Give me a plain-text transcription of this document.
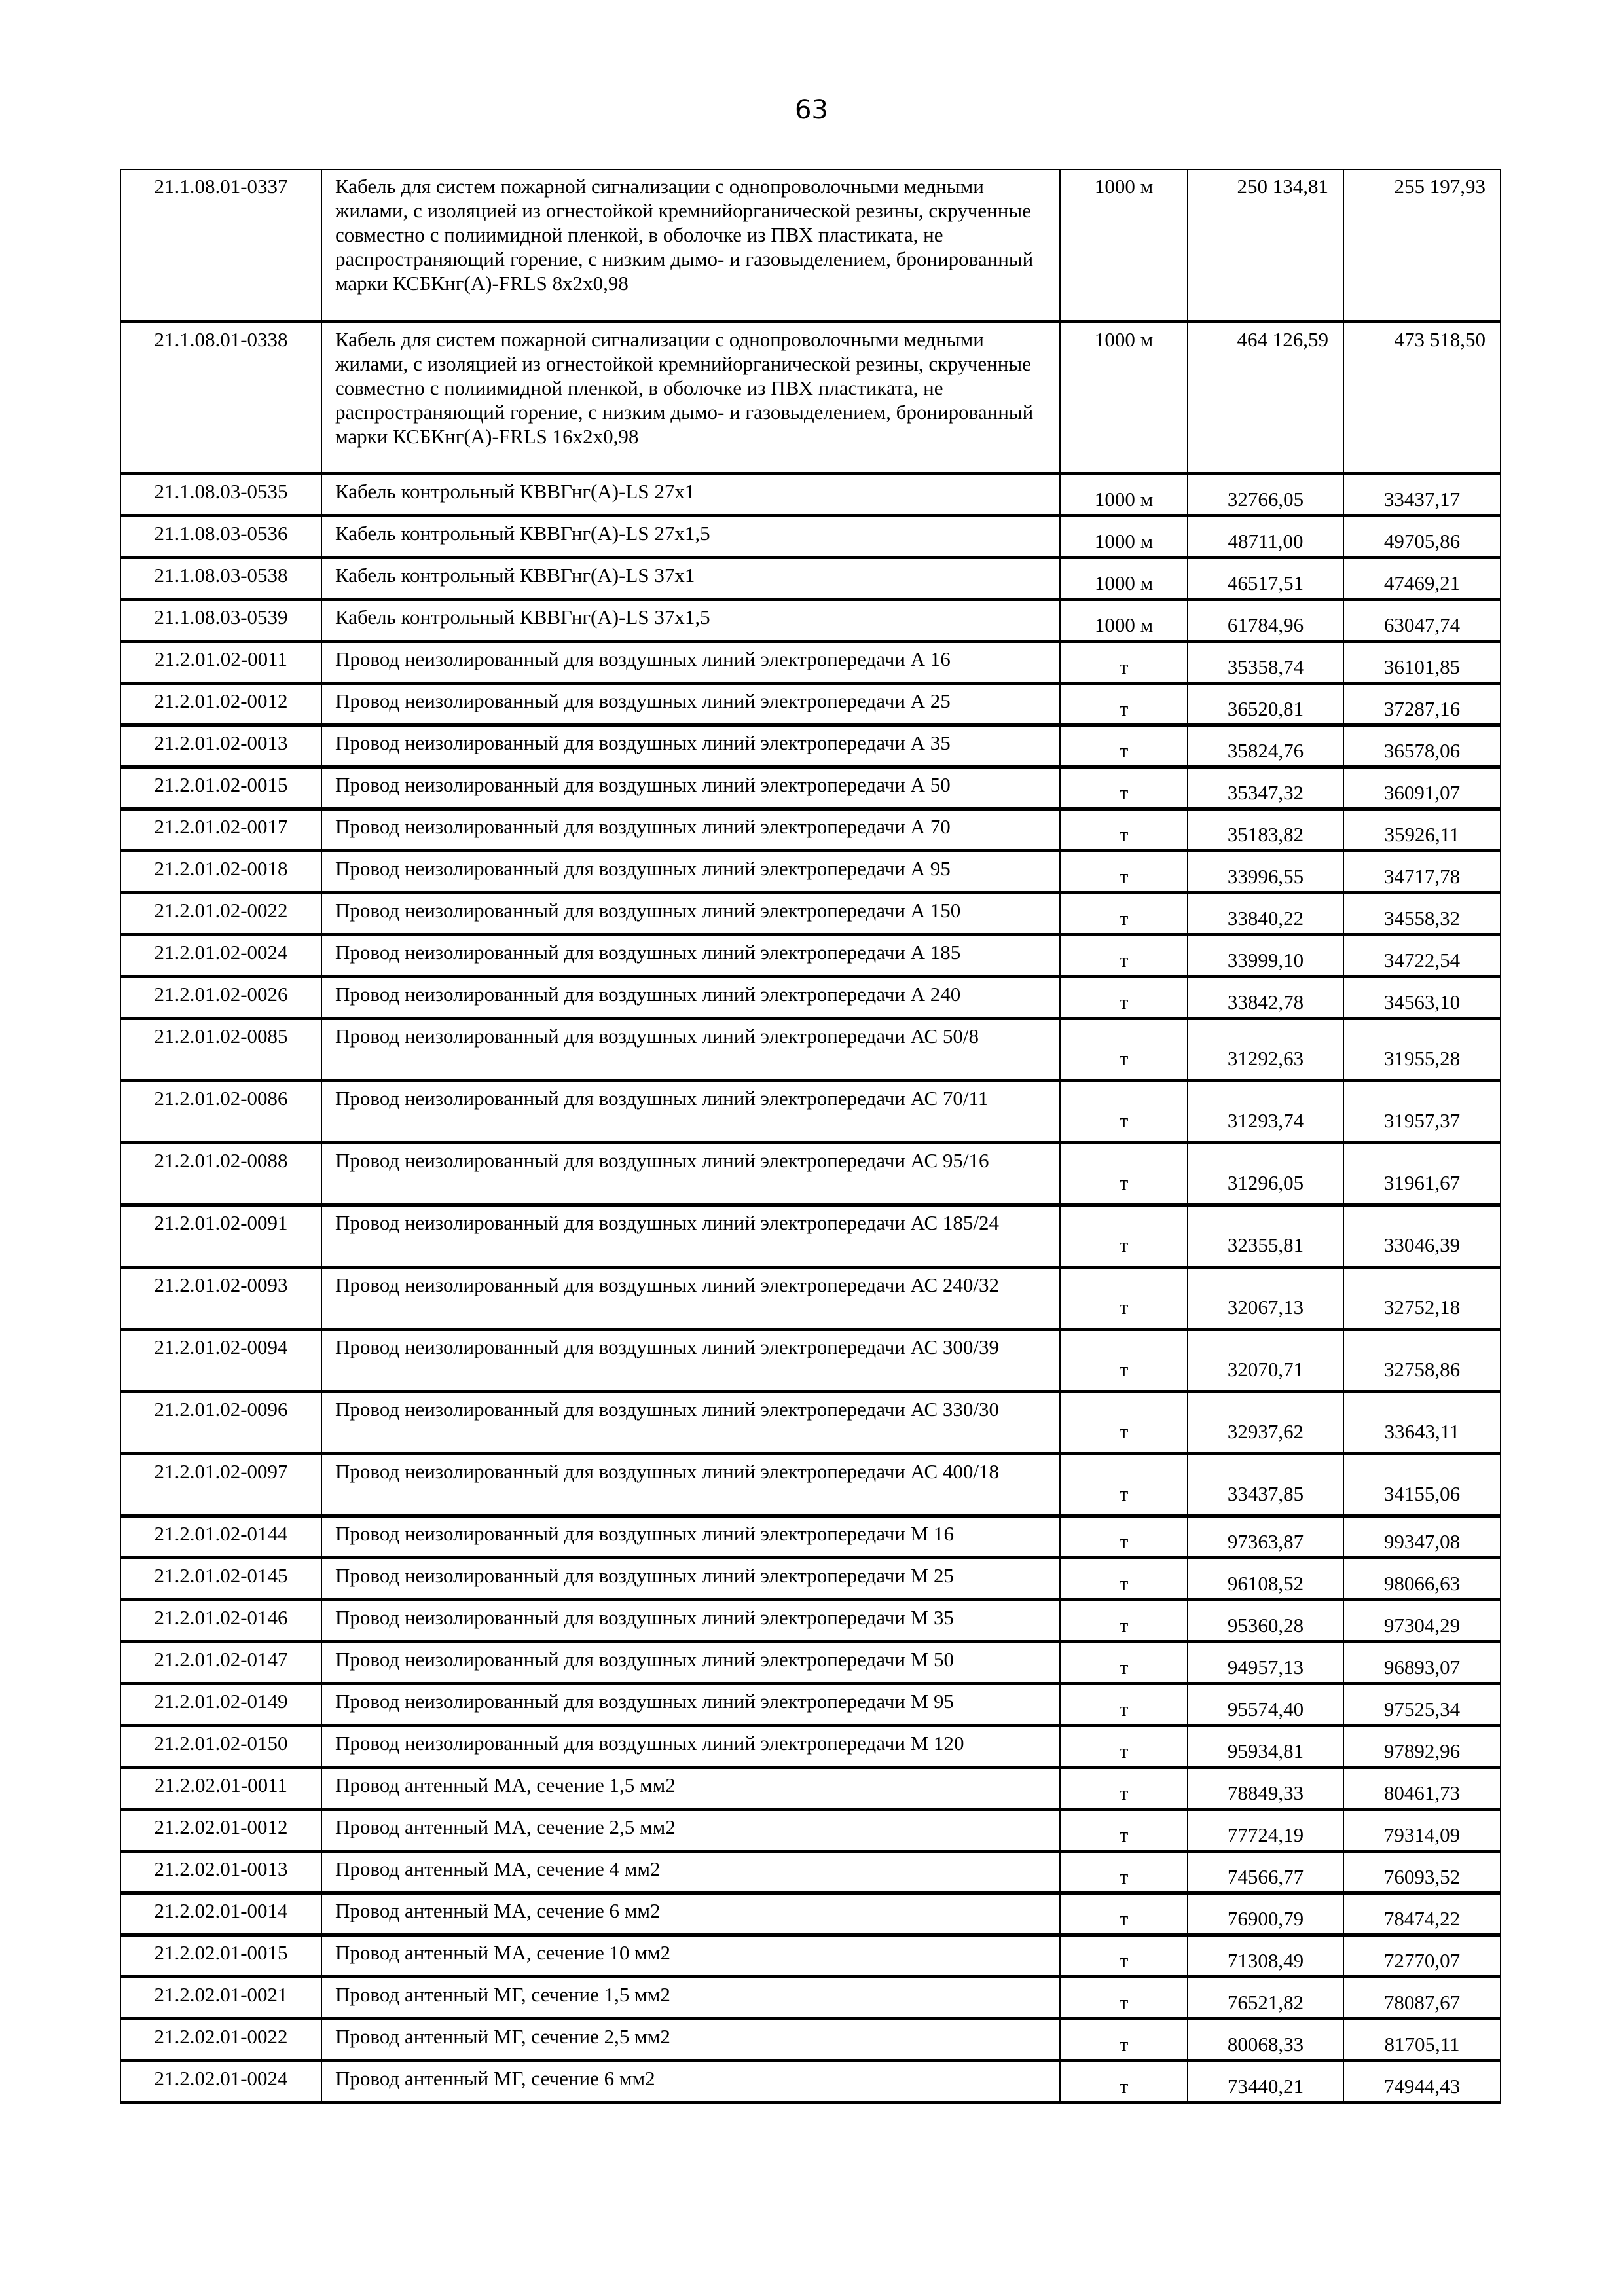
63
21.1.08.01-0337	Кабель для систем пожарной сигнализации с однопроволочными медными жилами, с изоляцией из огнестойкой кремнийорганической резины, скрученные совместно с полиимидной пленкой, в оболочке из ПВХ пластиката, не распространяющий горение, с низким дымо- и газовыделением, бронированный марки КСБКнг(А)-FRLS 8х2х0,98	1000 м	250 134,81	255 197,93
21.1.08.01-0338	Кабель для систем пожарной сигнализации с однопроволочными медными жилами, с изоляцией из огнестойкой кремнийорганической резины, скрученные совместно с полиимидной пленкой, в оболочке из ПВХ пластиката, не распространяющий горение, с низким дымо- и газовыделением, бронированный марки КСБКнг(А)-FRLS 16х2х0,98	1000 м	464 126,59	473 518,50
21.1.08.03-0535	Кабель контрольный КВВГнг(А)-LS 27х1	1000 м	32766,05	33437,17
21.1.08.03-0536	Кабель контрольный КВВГнг(А)-LS 27х1,5	1000 м	48711,00	49705,86
21.1.08.03-0538	Кабель контрольный КВВГнг(А)-LS 37х1	1000 м	46517,51	47469,21
21.1.08.03-0539	Кабель контрольный КВВГнг(А)-LS 37х1,5	1000 м	61784,96	63047,74
21.2.01.02-0011	Провод неизолированный для воздушных линий электропередачи А 16	т	35358,74	36101,85
21.2.01.02-0012	Провод неизолированный для воздушных линий электропередачи А 25	т	36520,81	37287,16
21.2.01.02-0013	Провод неизолированный для воздушных линий электропередачи А 35	т	35824,76	36578,06
21.2.01.02-0015	Провод неизолированный для воздушных линий электропередачи А 50	т	35347,32	36091,07
21.2.01.02-0017	Провод неизолированный для воздушных линий электропередачи А 70	т	35183,82	35926,11
21.2.01.02-0018	Провод неизолированный для воздушных линий электропередачи А 95	т	33996,55	34717,78
21.2.01.02-0022	Провод неизолированный для воздушных линий электропередачи А 150	т	33840,22	34558,32
21.2.01.02-0024	Провод неизолированный для воздушных линий электропередачи А 185	т	33999,10	34722,54
21.2.01.02-0026	Провод неизолированный для воздушных линий электропередачи А 240	т	33842,78	34563,10
21.2.01.02-0085	Провод неизолированный для воздушных линий электропередачи АС 50/8	т	31292,63	31955,28
21.2.01.02-0086	Провод неизолированный для воздушных линий электропередачи АС 70/11	т	31293,74	31957,37
21.2.01.02-0088	Провод неизолированный для воздушных линий электропередачи АС 95/16	т	31296,05	31961,67
21.2.01.02-0091	Провод неизолированный для воздушных линий электропередачи АС 185/24	т	32355,81	33046,39
21.2.01.02-0093	Провод неизолированный для воздушных линий электропередачи АС 240/32	т	32067,13	32752,18
21.2.01.02-0094	Провод неизолированный для воздушных линий электропередачи АС 300/39	т	32070,71	32758,86
21.2.01.02-0096	Провод неизолированный для воздушных линий электропередачи АС 330/30	т	32937,62	33643,11
21.2.01.02-0097	Провод неизолированный для воздушных линий электропередачи АС 400/18	т	33437,85	34155,06
21.2.01.02-0144	Провод неизолированный для воздушных линий электропередачи М 16	т	97363,87	99347,08
21.2.01.02-0145	Провод неизолированный для воздушных линий электропередачи М 25	т	96108,52	98066,63
21.2.01.02-0146	Провод неизолированный для воздушных линий электропередачи М 35	т	95360,28	97304,29
21.2.01.02-0147	Провод неизолированный для воздушных линий электропередачи М 50	т	94957,13	96893,07
21.2.01.02-0149	Провод неизолированный для воздушных линий электропередачи М 95	т	95574,40	97525,34
21.2.01.02-0150	Провод неизолированный для воздушных линий электропередачи М 120	т	95934,81	97892,96
21.2.02.01-0011	Провод антенный МА, сечение 1,5 мм2	т	78849,33	80461,73
21.2.02.01-0012	Провод антенный МА, сечение 2,5 мм2	т	77724,19	79314,09
21.2.02.01-0013	Провод антенный МА, сечение 4 мм2	т	74566,77	76093,52
21.2.02.01-0014	Провод антенный МА, сечение 6 мм2	т	76900,79	78474,22
21.2.02.01-0015	Провод антенный МА, сечение 10 мм2	т	71308,49	72770,07
21.2.02.01-0021	Провод антенный МГ, сечение 1,5 мм2	т	76521,82	78087,67
21.2.02.01-0022	Провод антенный МГ, сечение 2,5 мм2	т	80068,33	81705,11
21.2.02.01-0024	Провод антенный МГ, сечение 6 мм2	т	73440,21	74944,43
